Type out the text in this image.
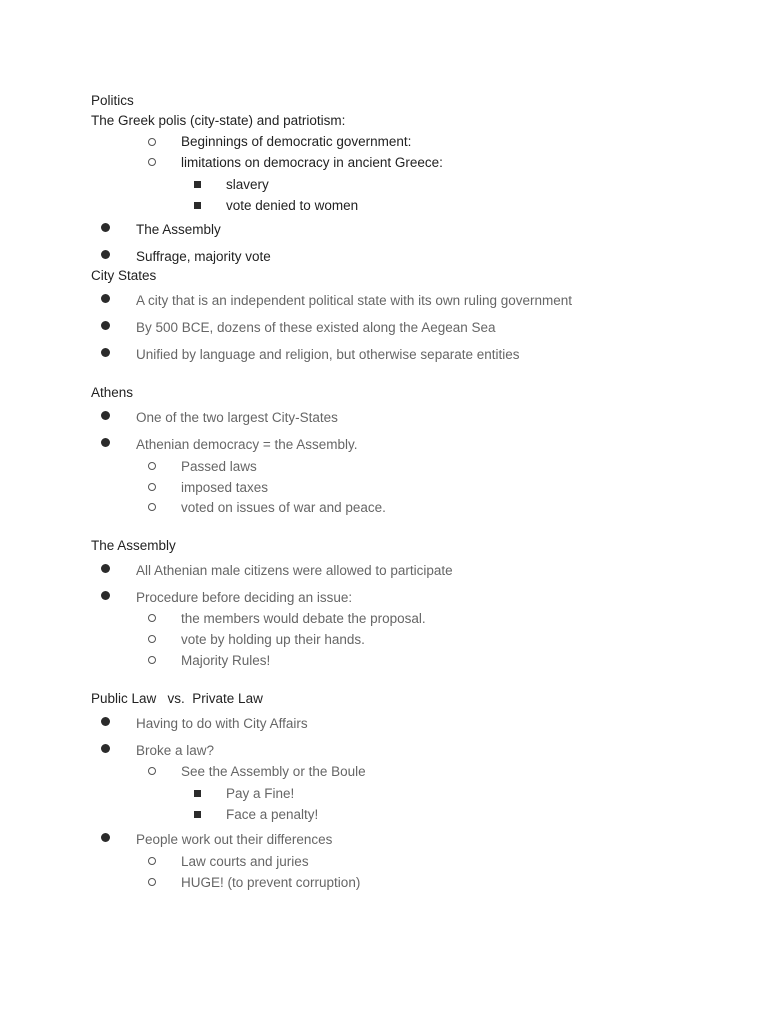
Politics
The Greek polis (city-state) and patriotism:
Beginnings of democratic government:
limitations on democracy in ancient Greece:
slavery
vote denied to women
The Assembly
Suffrage, majority vote
City States
A city that is an independent political state with its own ruling government
By 500 BCE, dozens of these existed along the Aegean Sea
Unified by language and religion, but otherwise separate entities
Athens
One of the two largest City-States
Athenian democracy = the Assembly.
Passed laws
imposed taxes
voted on issues of war and peace.
The Assembly
All Athenian male citizens were allowed to participate
Procedure before deciding an issue:
the members would debate the proposal.
vote by holding up their hands.
Majority Rules!
Public Law   vs.  Private Law
Having to do with City Affairs
Broke a law?
See the Assembly or the Boule
Pay a Fine!
Face a penalty!
People work out their differences
Law courts and juries
HUGE! (to prevent corruption)
